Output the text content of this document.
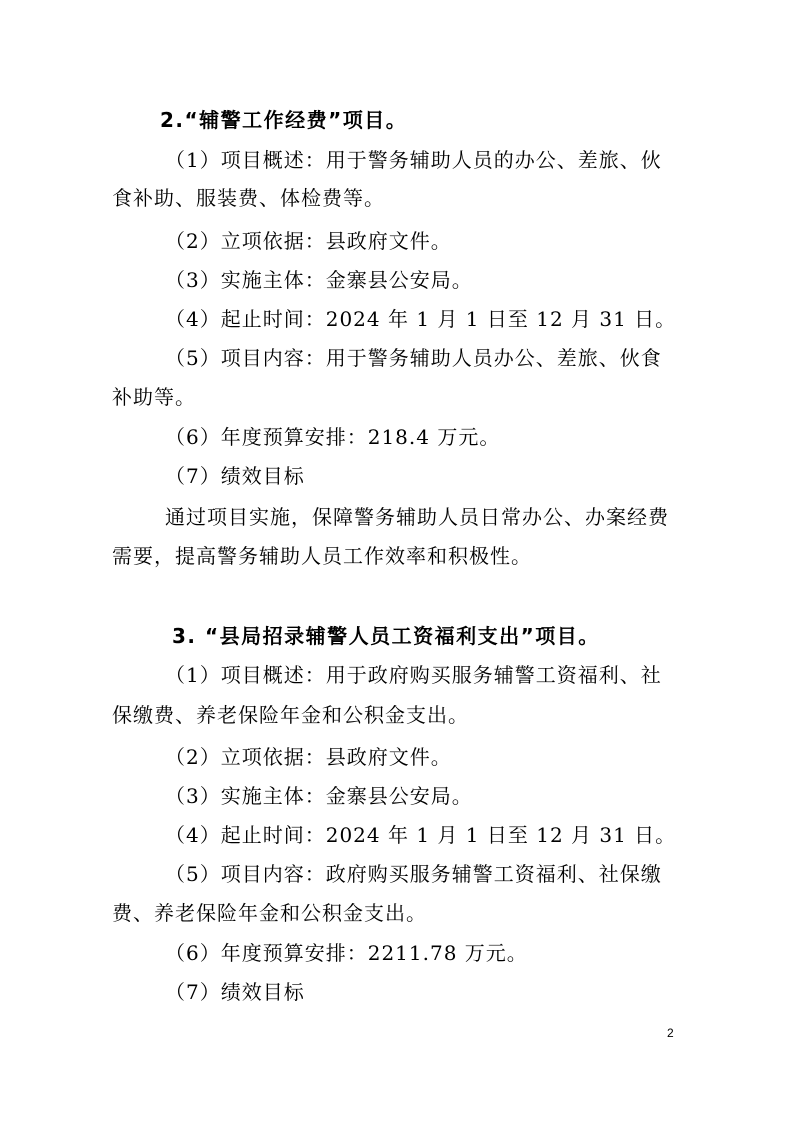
2.“辅警工作经费”项目。
（1）项目概述：用于警务辅助人员的办公、差旅、伙
食补助、服装费、体检费等。
（2）立项依据：县政府文件。
（3）实施主体：金寨县公安局。
（4）起止时间：2024 年 1 月 1 日至 12 月 31 日。
（5）项目内容：用于警务辅助人员办公、差旅、伙食
补助等。
（6）年度预算安排：218.4 万元。
（7）绩效目标
通过项目实施，保障警务辅助人员日常办公、办案经费
需要，提高警务辅助人员工作效率和积极性。
3. “县局招录辅警人员工资福利支出”项目。
（1）项目概述：用于政府购买服务辅警工资福利、社
保缴费、养老保险年金和公积金支出。
（2）立项依据：县政府文件。
（3）实施主体：金寨县公安局。
（4）起止时间：2024 年 1 月 1 日至 12 月 31 日。
（5）项目内容：政府购买服务辅警工资福利、社保缴
费、养老保险年金和公积金支出。
（6）年度预算安排：2211.78 万元。
（7）绩效目标
2
